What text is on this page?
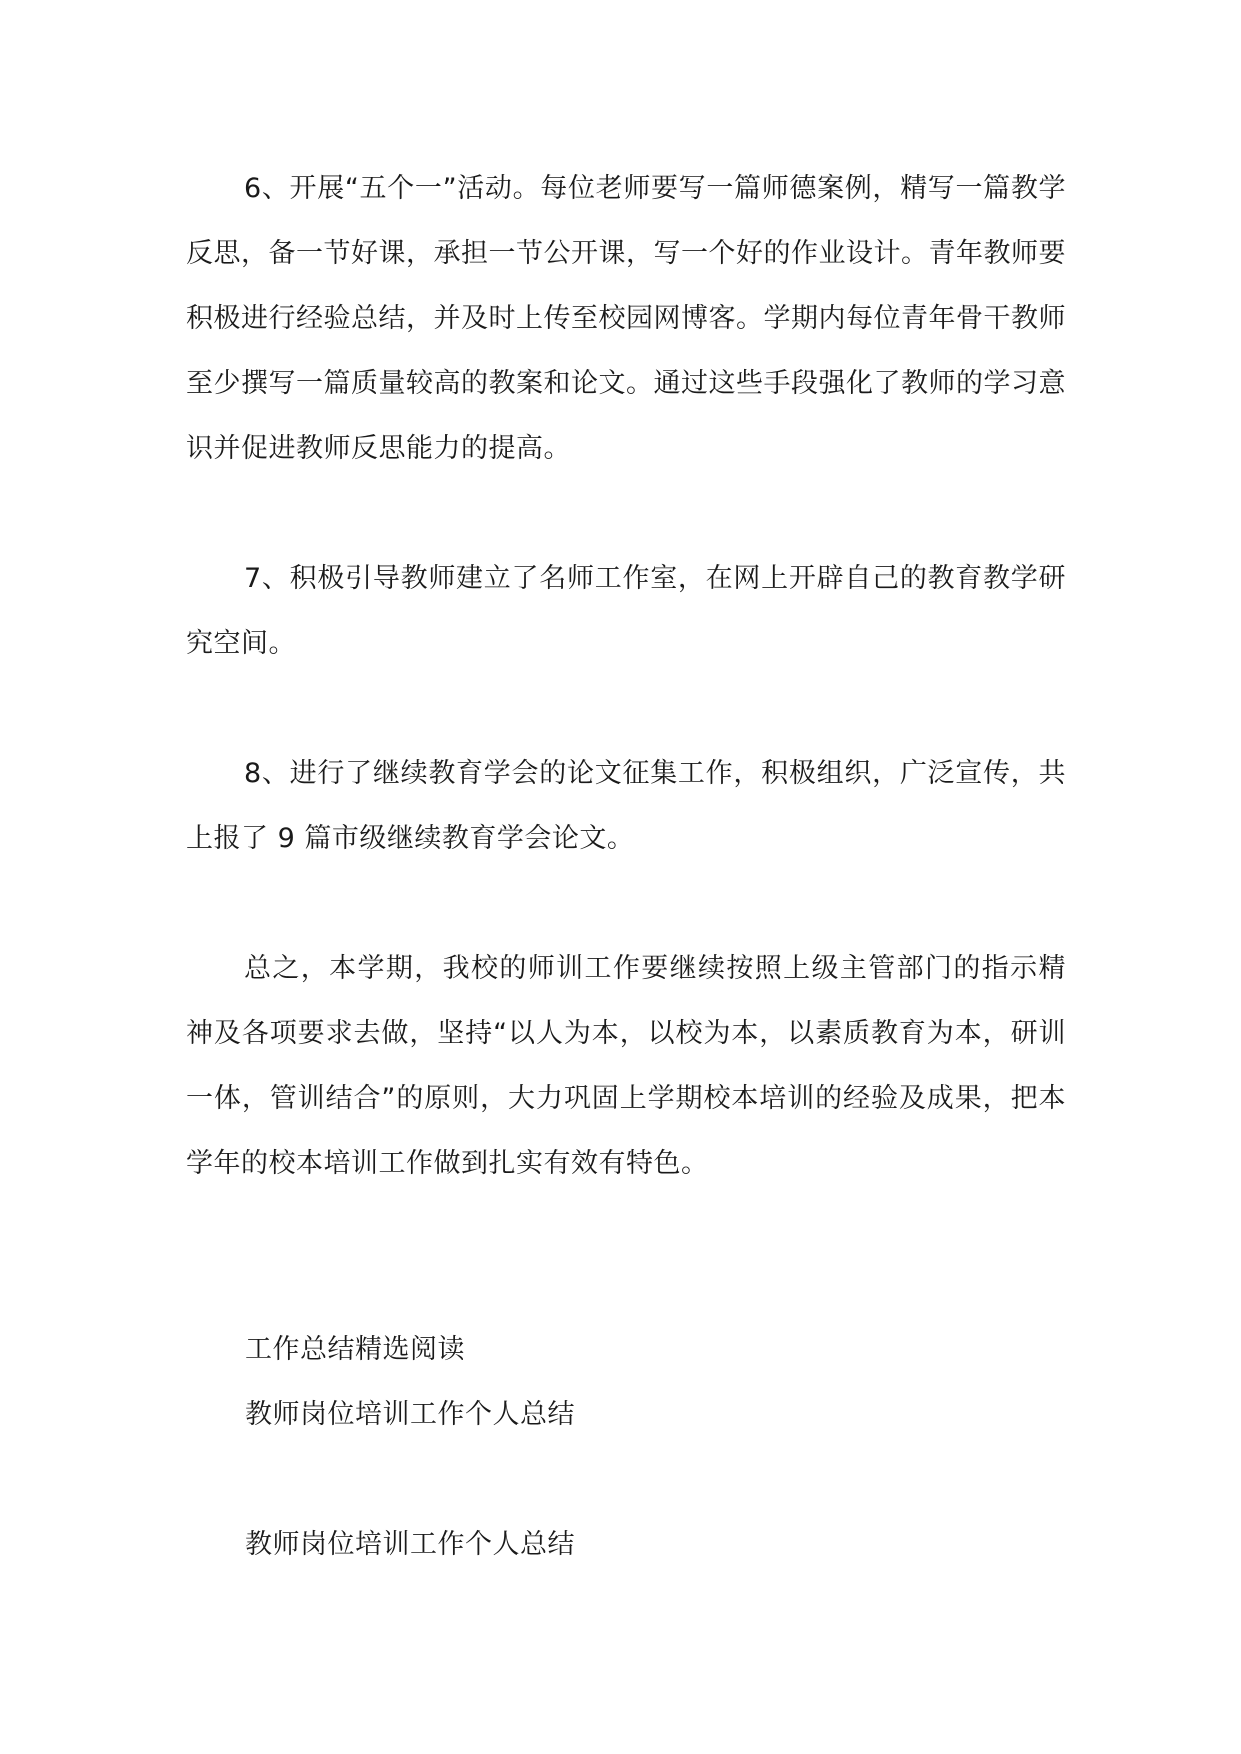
6、开展“五个一”活动。每位老师要写一篇师德案例，精写一篇教学反思，备一节好课，承担一节公开课，写一个好的作业设计。青年教师要积极进行经验总结，并及时上传至校园网博客。学期内每位青年骨干教师至少撰写一篇质量较高的教案和论文。通过这些手段强化了教师的学习意识并促进教师反思能力的提高。

7、积极引导教师建立了名师工作室，在网上开辟自己的教育教学研究空间。

8、进行了继续教育学会的论文征集工作，积极组织，广泛宣传，共上报了 9 篇市级继续教育学会论文。

总之，本学期，我校的师训工作要继续按照上级主管部门的指示精神及各项要求去做，坚持“以人为本，以校为本，以素质教育为本，研训一体，管训结合”的原则，大力巩固上学期校本培训的经验及成果，把本学年的校本培训工作做到扎实有效有特色。

工作总结精选阅读

教师岗位培训工作个人总结

教师岗位培训工作个人总结
